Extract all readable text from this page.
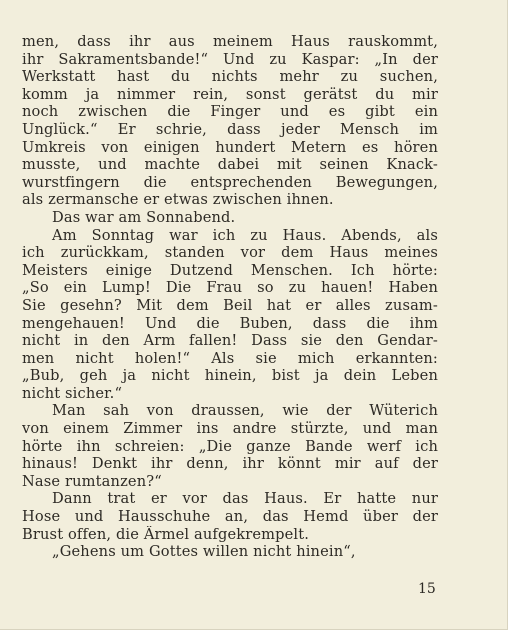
men, dass ihr aus meinem Haus rauskommt,
ihr Sakramentsbande!“ Und zu Kaspar: „In der
Werkstatt hast du nichts mehr zu suchen,
komm ja nimmer rein, sonst gerätst du mir
noch zwischen die Finger und es gibt ein
Unglück.“ Er schrie, dass jeder Mensch im
Umkreis von einigen hundert Metern es hören
musste, und machte dabei mit seinen Knack-
wurstfingern die entsprechenden Bewegungen,
als zermansche er etwas zwischen ihnen.
Das war am Sonnabend.
Am Sonntag war ich zu Haus. Abends, als
ich zurückkam, standen vor dem Haus meines
Meisters einige Dutzend Menschen. Ich hörte:
„So ein Lump! Die Frau so zu hauen! Haben
Sie gesehn? Mit dem Beil hat er alles zusam-
mengehauen! Und die Buben, dass die ihm
nicht in den Arm fallen! Dass sie den Gendar-
men nicht holen!“ Als sie mich erkannten:
„Bub, geh ja nicht hinein, bist ja dein Leben
nicht sicher.“
Man sah von draussen, wie der Wüterich
von einem Zimmer ins andre stürzte, und man
hörte ihn schreien: „Die ganze Bande werf ich
hinaus! Denkt ihr denn, ihr könnt mir auf der
Nase rumtanzen?“
Dann trat er vor das Haus. Er hatte nur
Hose und Hausschuhe an, das Hemd über der
Brust offen, die Ärmel aufgekrempelt.
„Gehens um Gottes willen nicht hinein“,
15
